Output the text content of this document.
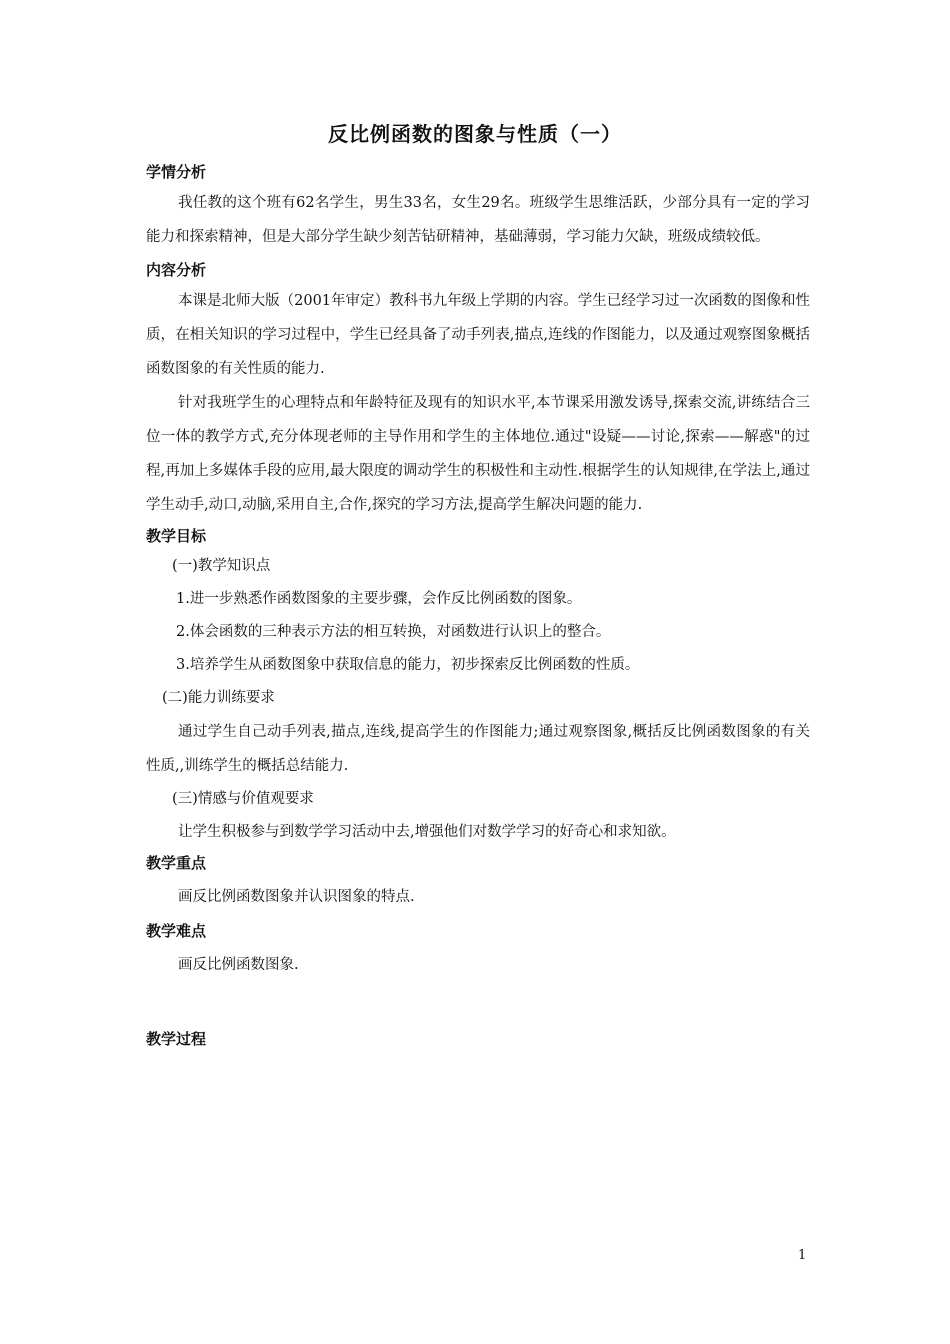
反比例函数的图象与性质（一）

学情分析

我任教的这个班有62名学生，男生33名，女生29名。班级学生思维活跃，少部分具有一定的学习能力和探索精神，但是大部分学生缺少刻苦钻研精神，基础薄弱，学习能力欠缺，班级成绩较低。

内容分析

本课是北师大版（2001年审定）教科书九年级上学期的内容。学生已经学习过一次函数的图像和性质，在相关知识的学习过程中，学生已经具备了动手列表,描点,连线的作图能力，以及通过观察图象概括函数图象的有关性质的能力.

针对我班学生的心理特点和年龄特征及现有的知识水平,本节课采用激发诱导,探索交流,讲练结合三位一体的教学方式,充分体现老师的主导作用和学生的主体地位.通过"设疑——讨论,探索——解惑"的过程,再加上多媒体手段的应用,最大限度的调动学生的积极性和主动性.根据学生的认知规律,在学法上,通过学生动手,动口,动脑,采用自主,合作,探究的学习方法,提高学生解决问题的能力.

教学目标

(一)教学知识点

1.进一步熟悉作函数图象的主要步骤，会作反比例函数的图象。

2.体会函数的三种表示方法的相互转换，对函数进行认识上的整合。

3.培养学生从函数图象中获取信息的能力，初步探索反比例函数的性质。

(二)能力训练要求

通过学生自己动手列表,描点,连线,提高学生的作图能力;通过观察图象,概括反比例函数图象的有关性质,,训练学生的概括总结能力.

(三)情感与价值观要求

让学生积极参与到数学学习活动中去,增强他们对数学学习的好奇心和求知欲。

教学重点

画反比例函数图象并认识图象的特点.

教学难点

画反比例函数图象.

教学过程

1
